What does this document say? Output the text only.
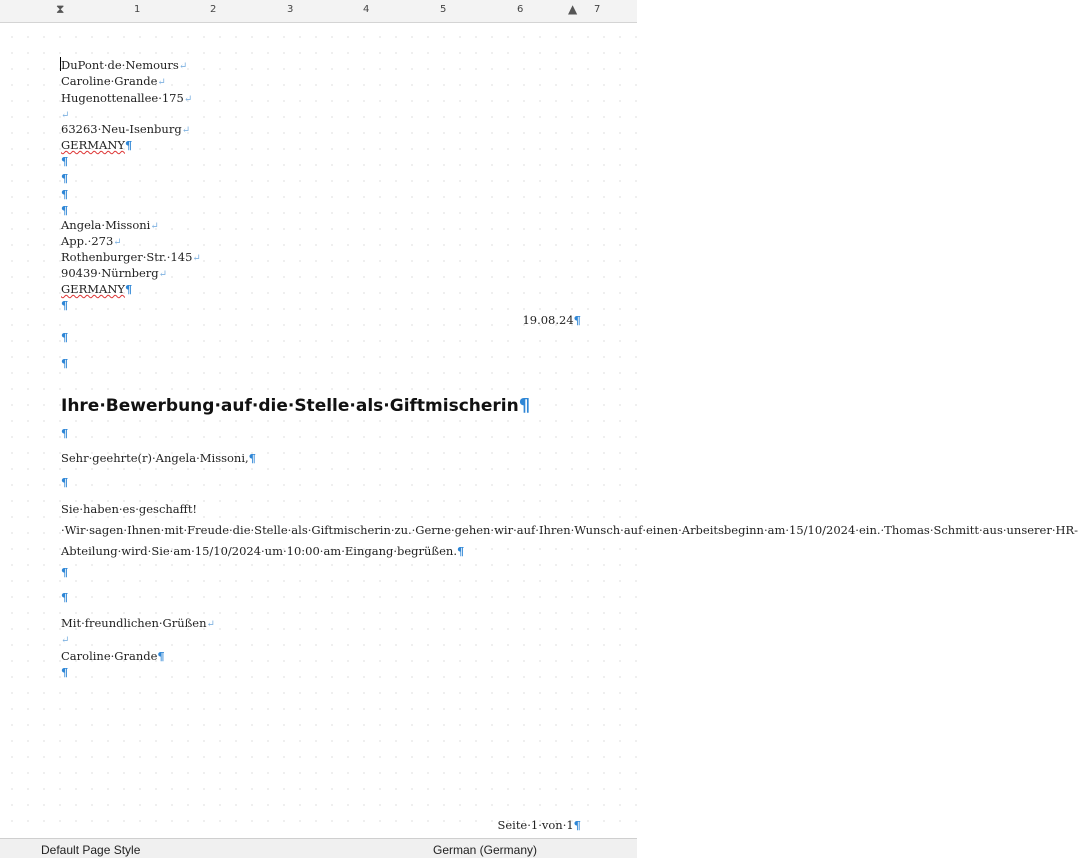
⧗	1	2	3	4	5	6	▲ 7
DuPont·de·Nemours↵
Caroline·Grande↵
Hugenottenallee·175↵
↵
63263·Neu-Isenburg↵
GERMANY¶
¶
¶
¶
¶
Angela·Missoni↵
App.·273↵
Rothenburger·Str.·145↵
90439·Nürnberg↵
GERMANY¶
¶
19.08.24¶
¶
¶
Ihre·Bewerbung·auf·die·Stelle·als·Giftmischerin¶
¶
Sehr·geehrte(r)·Angela·Missoni,¶
¶
Sie·haben·es·geschafft!·Wir·sagen·Ihnen·mit·Freude·die·Stelle·als·Giftmischerin·zu.·Gerne·gehen·wir·auf·Ihren·Wunsch·auf·einen·Arbeitsbeginn·am·15/10/2024·ein.·Thomas·Schmitt·aus·unserer·HR-Abteilung·wird·Sie·am·15/10/2024·um·10:00·am·Eingang·begrüßen.¶
¶
¶
Mit·freundlichen·Grüßen↵
↵
Caroline·Grande¶
¶
Seite·1·von·1¶
Default Page Style	German (Germany)
